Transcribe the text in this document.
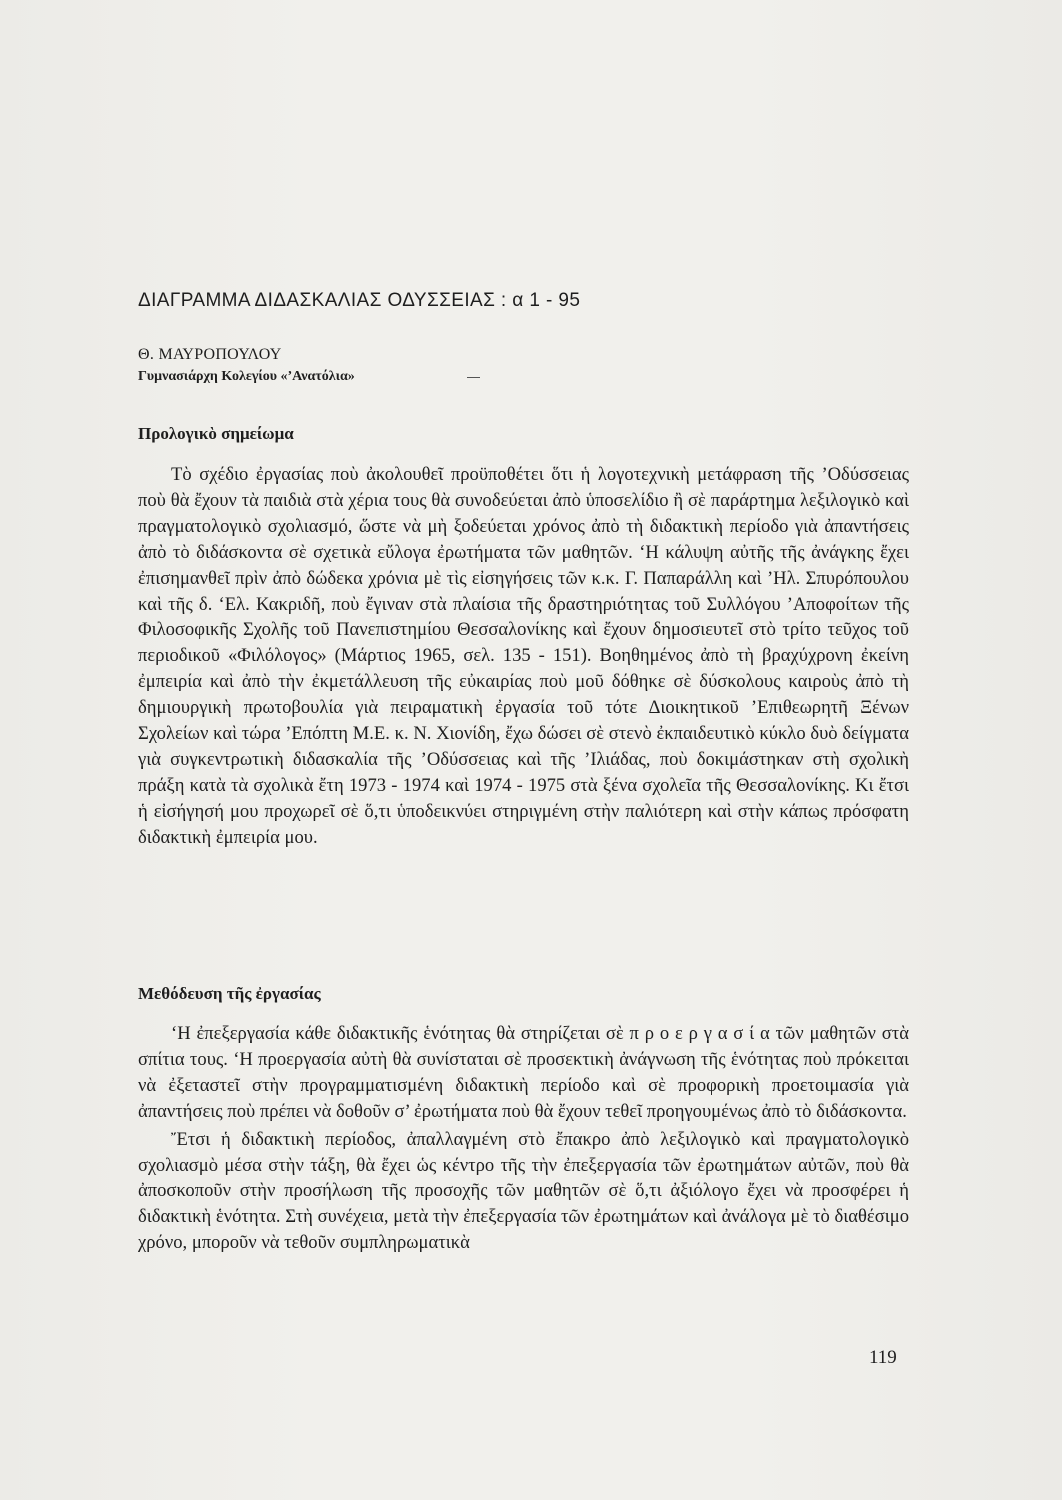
ΔΙΑΓΡΑΜΜΑ ΔΙΔΑΣΚΑΛΙΑΣ ΟΔΥΣΣΕΙΑΣ : α 1 - 95
Θ. ΜΑΥΡΟΠΟΥΛΟΥ
Γυμνασιάρχη Κολεγίου «’Ανατόλια»
Προλογικὸ σημείωμα

Τὸ σχέδιο ἐργασίας ποὺ ἀκολουθεῖ προϋποθέτει ὅτι ἡ λογοτεχνικὴ μετάφραση τῆς ’Οδύσσειας ποὺ θὰ ἔχουν τὰ παιδιὰ στὰ χέρια τους θὰ συνοδεύεται ἀπὸ ὑποσελίδιο ἢ σὲ παράρτημα λεξιλογικὸ καὶ πραγματολογικὸ σχολιασμό, ὥστε νὰ μὴ ξοδεύεται χρόνος ἀπὸ τὴ διδακτικὴ περίοδο γιὰ ἀπαντήσεις ἀπὸ τὸ διδάσκοντα σὲ σχετικὰ εὔλογα ἐρωτήματα τῶν μαθητῶν. ‘Η κάλυψη αὐτῆς τῆς ἀνάγκης ἔχει ἐπισημανθεῖ πρὶν ἀπὸ δώδεκα χρόνια μὲ τὶς εἰσηγήσεις τῶν κ.κ. Γ. Παπαράλλη καὶ ’Ηλ. Σπυρόπουλου καὶ τῆς δ. ‘Ελ. Κακριδῆ, ποὺ ἔγιναν στὰ πλαίσια τῆς δραστηριότητας τοῦ Συλλόγου ’Αποφοίτων τῆς Φιλοσοφικῆς Σχολῆς τοῦ Πανεπιστημίου Θεσσαλονίκης καὶ ἔχουν δημοσιευτεῖ στὸ τρίτο τεῦχος τοῦ περιοδικοῦ «Φιλόλογος» (Μάρτιος 1965, σελ. 135 - 151). Βοηθημένος ἀπὸ τὴ βραχύχρονη ἐκείνη ἐμπειρία καὶ ἀπὸ τὴν ἐκμετάλλευση τῆς εὐκαιρίας ποὺ μοῦ δόθηκε σὲ δύσκολους καιροὺς ἀπὸ τὴ δημιουργικὴ πρωτοβουλία γιὰ πειραματικὴ ἐργασία τοῦ τότε Διοικητικοῦ ’Επιθεωρητῆ Ξένων Σχολείων καὶ τώρα ’Επόπτη Μ.Ε. κ. Ν. Χιονίδη, ἔχω δώσει σὲ στενὸ ἐκπαιδευτικὸ κύκλο δυὸ δείγματα γιὰ συγκεντρωτικὴ διδασκαλία τῆς ’Οδύσσειας καὶ τῆς ’Ιλιάδας, ποὺ δοκιμάστηκαν στὴ σχολικὴ πράξη κατὰ τὰ σχολικὰ ἔτη 1973 - 1974 καὶ 1974 - 1975 στὰ ξένα σχολεῖα τῆς Θεσσαλονίκης. Κι ἔτσι ἡ εἰσήγησή μου προχωρεῖ σὲ ὅ,τι ὑποδεικνύει στηριγμένη στὴν παλιότερη καὶ στὴν κάπως πρόσφατη διδακτικὴ ἐμπειρία μου.

Μεθόδευση τῆς ἐργασίας

‘Η ἐπεξεργασία κάθε διδακτικῆς ἑνότητας θὰ στηρίζεται σὲ π ρ ο ε ρ γ α σ ί α τῶν μαθητῶν στὰ σπίτια τους. ‘Η προεργασία αὐτὴ θὰ συνίσταται σὲ προσεκτικὴ ἀνάγνωση τῆς ἑνότητας ποὺ πρόκειται νὰ ἐξεταστεῖ στὴν προγραμματισμένη διδακτικὴ περίοδο καὶ σὲ προφορικὴ προετοιμασία γιὰ ἀπαντήσεις ποὺ πρέπει νὰ δοθοῦν σ’ ἐρωτήματα ποὺ θὰ ἔχουν τεθεῖ προηγουμένως ἀπὸ τὸ διδάσκοντα.

Ἔτσι ἡ διδακτικὴ περίοδος, ἀπαλλαγμένη στὸ ἔπακρο ἀπὸ λεξιλογικὸ καὶ πραγματολογικὸ σχολιασμὸ μέσα στὴν τάξη, θὰ ἔχει ὡς κέντρο τῆς τὴν ἐπεξεργασία τῶν ἐρωτημάτων αὐτῶν, ποὺ θὰ ἀποσκοποῦν στὴν προσήλωση τῆς προσοχῆς τῶν μαθητῶν σὲ ὅ,τι ἀξιόλογο ἔχει νὰ προσφέρει ἡ διδακτικὴ ἑνότητα. Στὴ συνέχεια, μετὰ τὴν ἐπεξεργασία τῶν ἐρωτημάτων καὶ ἀνάλογα μὲ τὸ διαθέσιμο χρόνο, μποροῦν νὰ τεθοῦν συμπληρωματικὰ

119
